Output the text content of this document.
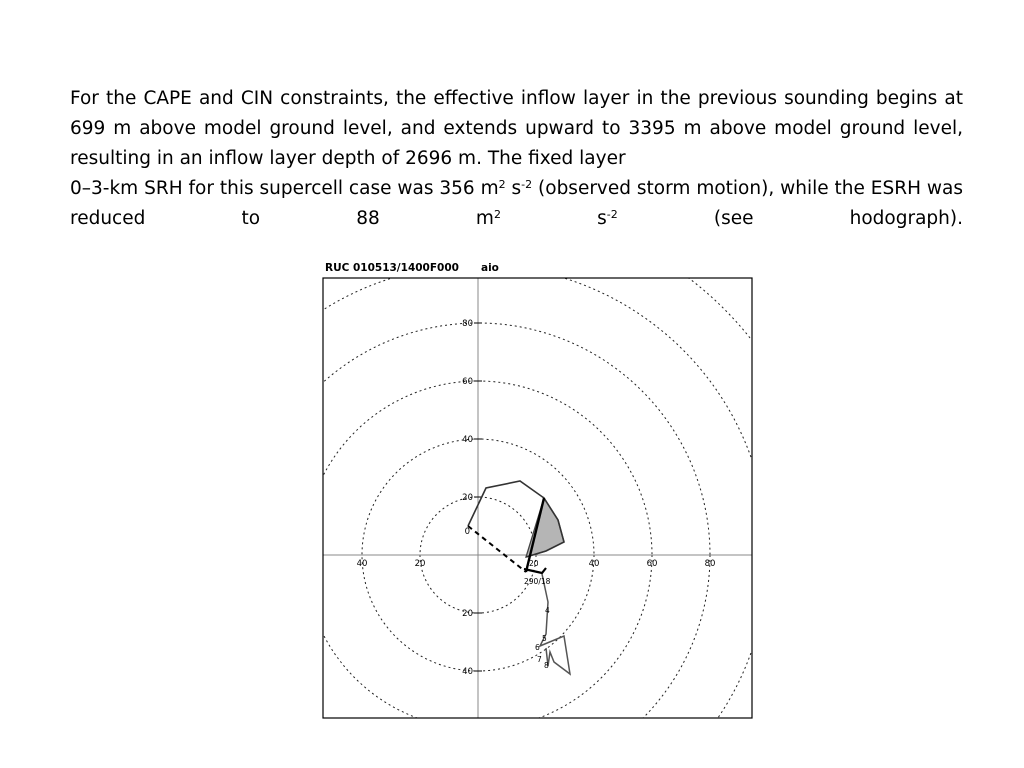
For the CAPE and CIN constraints, the effective inflow layer in the previous sounding begins at 699 m above model ground level, and extends upward to 3395 m above model ground level, resulting in an inflow layer depth of 2696 m. The fixed layer

0–3-km SRH for this supercell case was 356 $m^2$ $s^{-2}$ (observed storm motion), while the ESRH was reduced to 88 $m^2$ $s^{-2}$ (see hodograph).

RUC 010513/1400F000 aio
40	20	40	60	80
80
60
40
20
20
40
0
20
4
5
6
7
8
290/18
